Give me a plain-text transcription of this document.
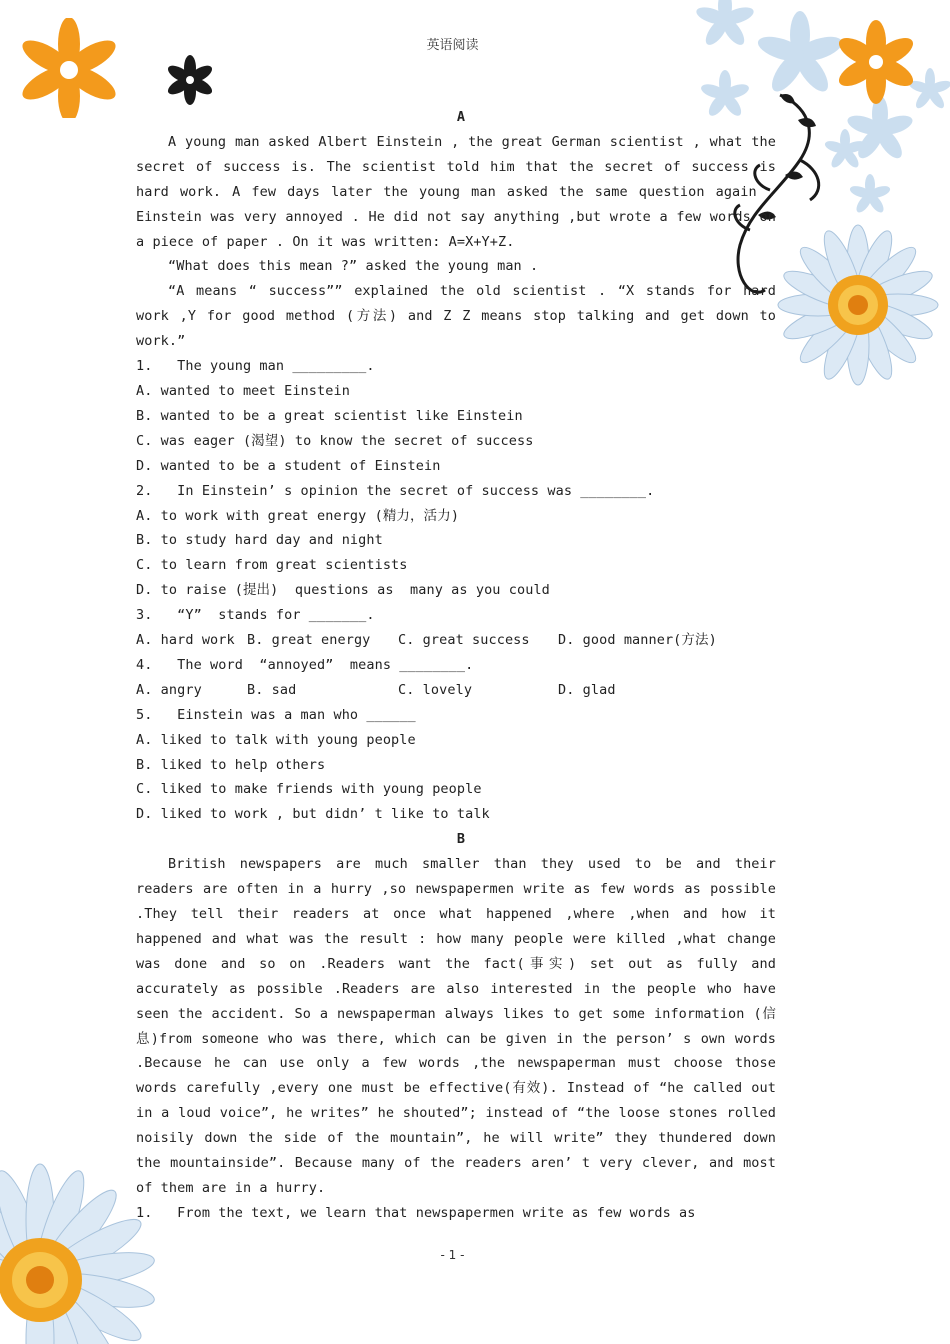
英语阅读
A

A young man asked Albert Einstein , the great German scientist , what the secret of success is. The scientist told him that the secret of success is hard work. A few days later the young man asked the same question again . Einstein was very annoyed . He did not say anything ,but wrote a few words on a piece of paper . On it was written: A=X+Y+Z.

“What does this mean ?” asked the young man .

“A means “ success”” explained the old scientist . “X stands for hard work ,Y for good method (方法) and Z Z means stop talking and get down to work.”

1.   The young man _________.

A. wanted to meet Einstein

B. wanted to be a great scientist like Einstein

C. was eager (渴望) to know the secret of success

D. wanted to be a student of Einstein

2.   In Einstein’ s opinion the secret of success was ________.

A. to work with great energy (精力，活力)

B. to study hard day and night

C. to learn from great scientists

D. to raise (提出)  questions as  many as you could

3.   “Y”  stands for _______.

A. hard work B. great energy	C. great success	D. good manner(方法)

4.   The word  “annoyed”  means ________.

A. angry	B. sad	C. lovely	D. glad

5.   Einstein was a man who ______

A. liked to talk with young people

B. liked to help others

C. liked to make friends with young people

D. liked to work , but didn’ t like to talk

B

British newspapers are much smaller than they used to be and their readers are often in a hurry ,so newspapermen write as few words as possible .They tell their readers at once what happened ,where ,when and how it happened and what was the result : how many people were killed ,what change was done and so on .Readers want the fact(事实) set out as fully and accurately as possible .Readers are also interested in the people who have seen the accident. So a newspaperman always likes to get some information (信息)from someone who was there, which can be given in the person’ s own words .Because he can use only a few words ,the newspaperman must choose those words carefully ,every one must be effective(有效). Instead of “he called out in a loud voice”, he writes” he shouted”; instead of “the loose stones rolled noisily down the side of the mountain”, he will write” they thundered down the mountainside”. Because many of the readers aren’ t very clever, and most of them are in a hurry.

1.   From the text, we learn that newspapermen write as few words as

- 1 -
